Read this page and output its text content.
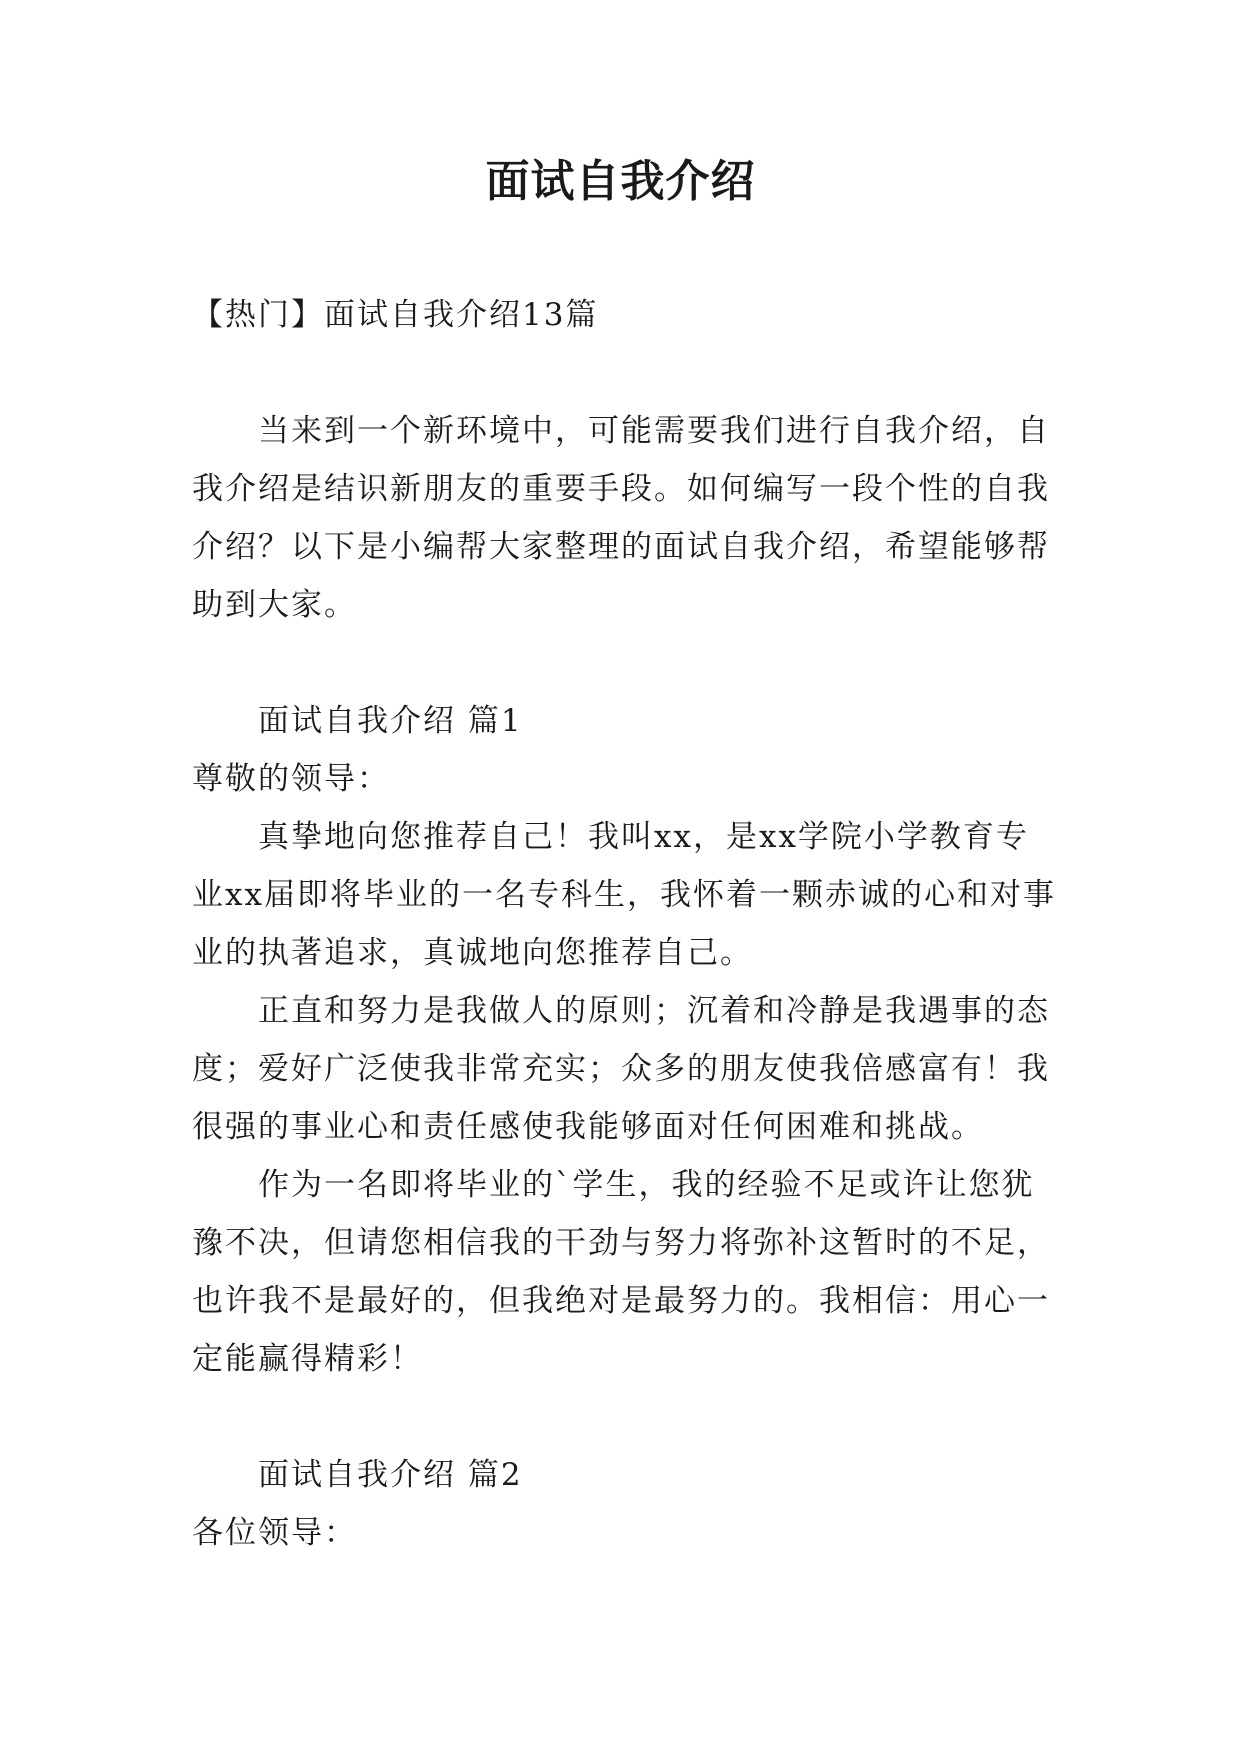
面试自我介绍

【热门】面试自我介绍13篇

当来到一个新环境中，可能需要我们进行自我介绍，自我介绍是结识新朋友的重要手段。如何编写一段个性的自我介绍？以下是小编帮大家整理的面试自我介绍，希望能够帮助到大家。

面试自我介绍 篇1

尊敬的领导：

真挚地向您推荐自己！我叫xx，是xx学院小学教育专业xx届即将毕业的一名专科生，我怀着一颗赤诚的心和对事业的执著追求，真诚地向您推荐自己。

正直和努力是我做人的原则；沉着和冷静是我遇事的态度；爱好广泛使我非常充实；众多的朋友使我倍感富有！我很强的事业心和责任感使我能够面对任何困难和挑战。

作为一名即将毕业的`学生，我的经验不足或许让您犹豫不决，但请您相信我的干劲与努力将弥补这暂时的不足，也许我不是最好的，但我绝对是最努力的。我相信：用心一定能赢得精彩！

面试自我介绍 篇2

各位领导：
